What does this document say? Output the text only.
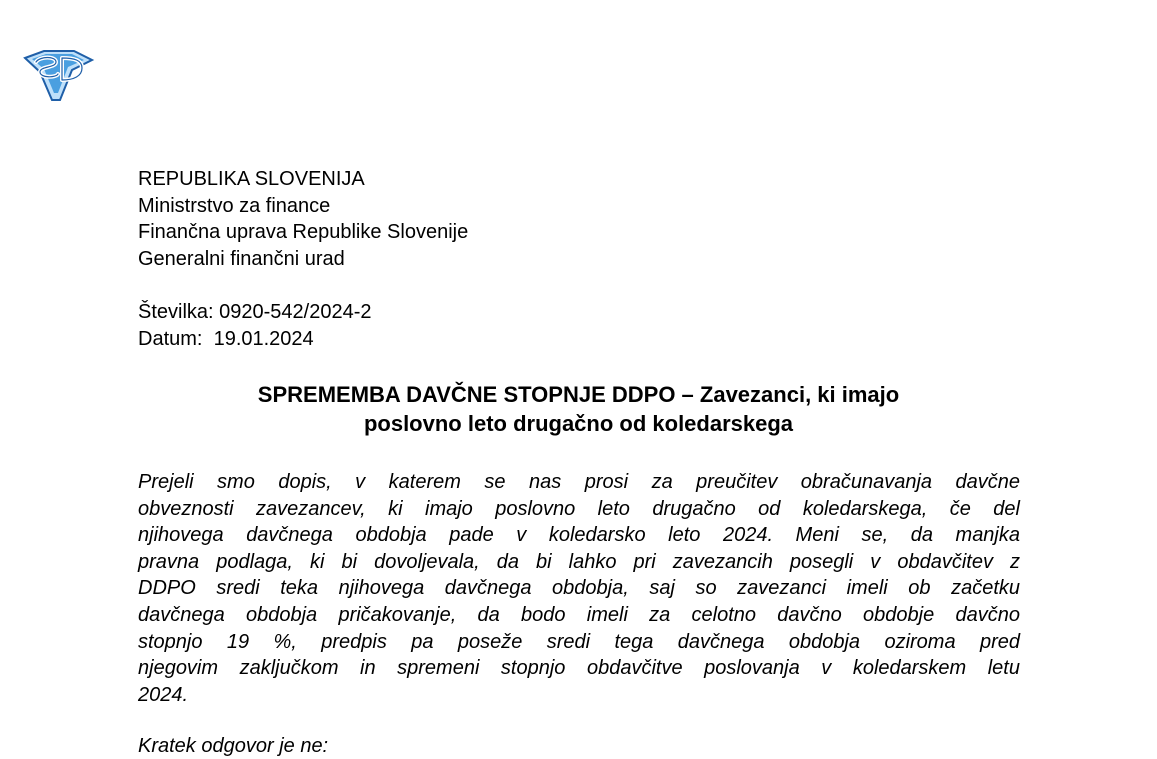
REPUBLIKA SLOVENIJA
Ministrstvo za finance
Finančna uprava Republike Slovenije
Generalni finančni urad
Številka: 0920-542/2024-2
Datum:  19.01.2024
SPREMEMBA DAVČNE STOPNJE DDPO – Zavezanci, ki imajo
poslovno leto drugačno od koledarskega
Prejeli smo dopis, v katerem se nas prosi za preučitev obračunavanja davčne
obveznosti zavezancev, ki imajo poslovno leto drugačno od koledarskega, če del
njihovega davčnega obdobja pade v koledarsko leto 2024. Meni se, da manjka
pravna podlaga, ki bi dovoljevala, da bi lahko pri zavezancih posegli v obdavčitev z
DDPO sredi teka njihovega davčnega obdobja, saj so zavezanci imeli ob začetku
davčnega obdobja pričakovanje, da bodo imeli za celotno davčno obdobje davčno
stopnjo 19 %, predpis pa poseže sredi tega davčnega obdobja oziroma pred
njegovim zaključkom in spremeni stopnjo obdavčitve poslovanja v koledarskem letu
2024.
Kratek odgovor je ne:
